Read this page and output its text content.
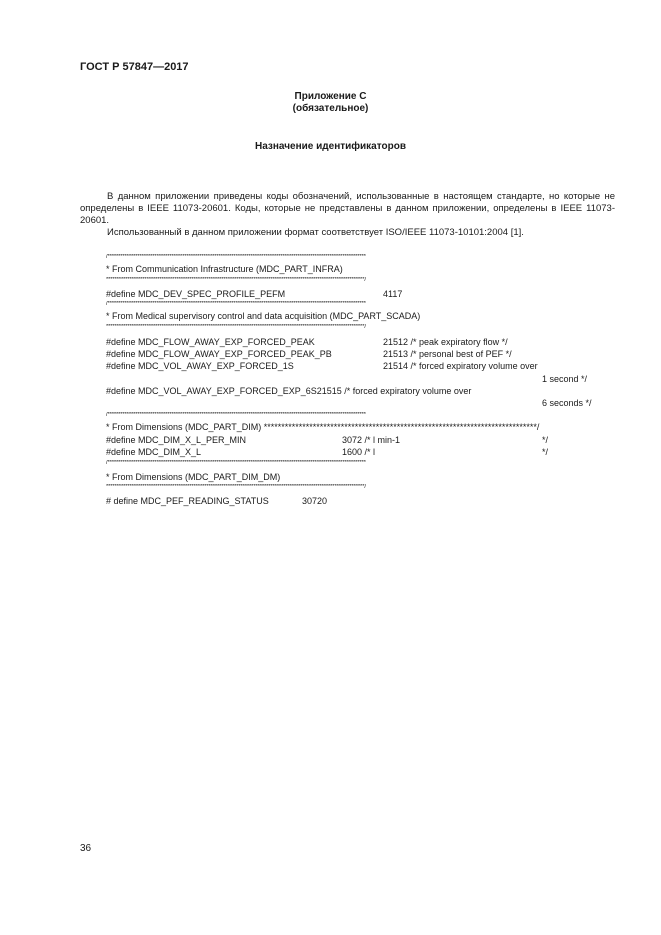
ГОСТ Р 57847—2017
Приложение С
(обязательное)
Назначение идентификаторов
В данном приложении приведены коды обозначений, использованные в настоящем стандарте, но которые не определены в IEEE 11073-20601. Коды, которые не представлены в данном приложении, определены в IEEE 11073-20601.
Использованный в данном приложении формат соответствует ISO/IEEE 11073-10101:2004 [1].
/*************************************************************************************************************************
* From Communication Infrastructure (MDC_PART_INFRA)
*************************************************************************************************************************/
#define MDC_DEV_SPEC_PROFILE_PEFM	4117
/*************************************************************************************************************************
* From Medical supervisory control and data acquisition (MDC_PART_SCADA)
*************************************************************************************************************************/
#define MDC_FLOW_AWAY_EXP_FORCED_PEAK	21512 /* peak expiratory flow */
#define MDC_FLOW_AWAY_EXP_FORCED_PEAK_PB	21513 /* personal best of PEF */
#define MDC_VOL_AWAY_EXP_FORCED_1S	21514 /* forced expiratory volume over
1 second */
#define MDC_VOL_AWAY_EXP_FORCED_EXP_6S21515 /* forced expiratory volume over
6 seconds */
/*************************************************************************************************************************
* From Dimensions (MDC_PART_DIM) ******************************************************************************/
#define MDC_DIM_X_L_PER_MIN	3072 /* l min-1	*/
#define MDC_DIM_X_L	1600 /* l	*/
/*************************************************************************************************************************
* From Dimensions (MDC_PART_DIM_DM)
*************************************************************************************************************************/
# define MDC_PEF_READING_STATUS	30720
36
